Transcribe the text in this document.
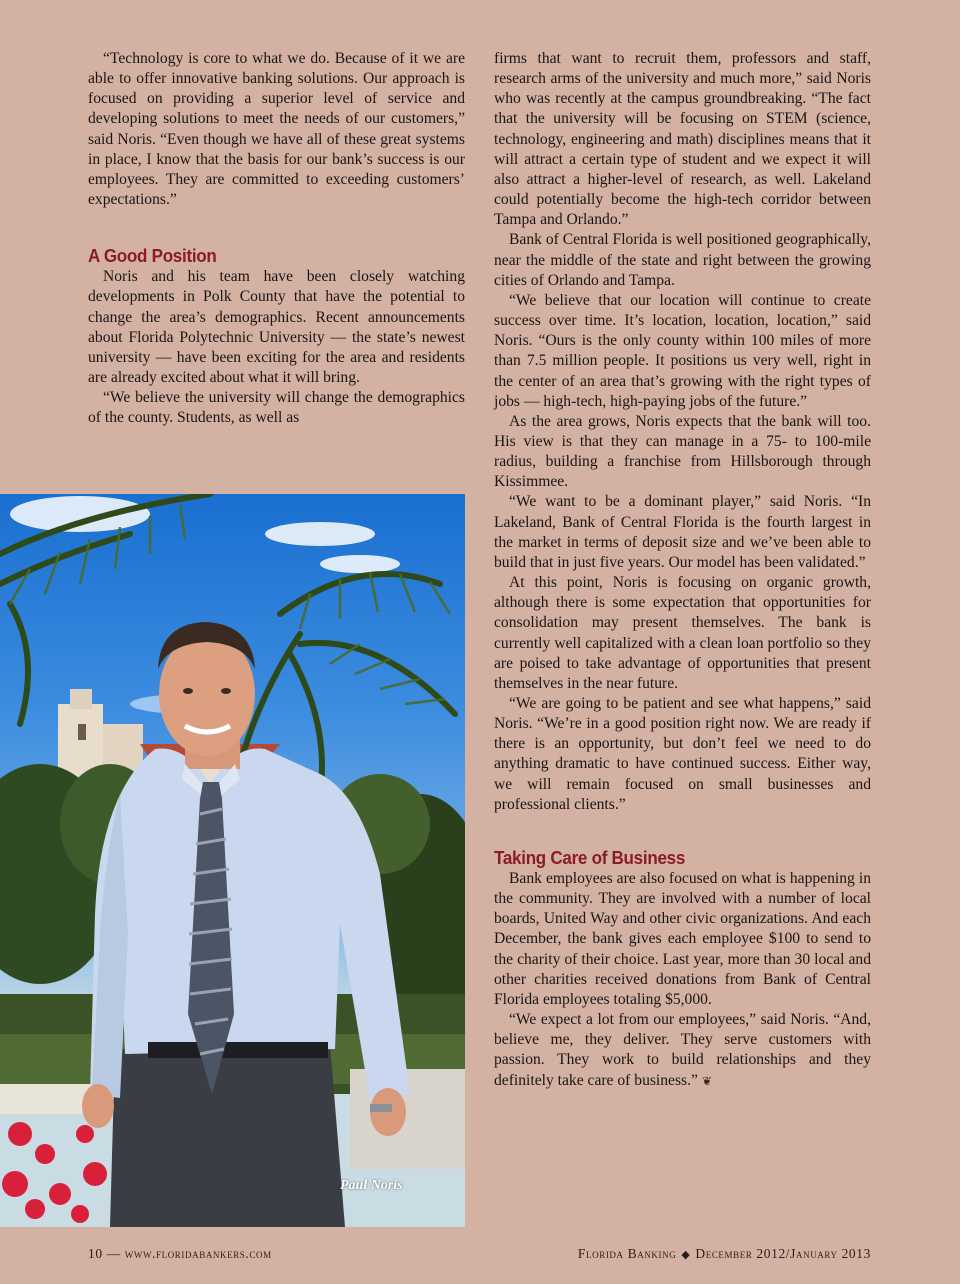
“Technology is core to what we do. Because of it we are able to offer innovative banking solutions. Our approach is focused on providing a superior level of service and developing solutions to meet the needs of our customers,” said Noris. “Even though we have all of these great systems in place, I know that the basis for our bank’s success is our employees. They are committed to exceeding customers’ expectations.”

A Good Position

Noris and his team have been closely watching developments in Polk County that have the potential to change the area’s demographics. Recent announcements about Florida Polytechnic University — the state’s newest university — have been exciting for the area and residents are already excited about what it will bring.

“We believe the university will change the demographics of the county. Students, as well as

firms that want to recruit them, professors and staff, research arms of the university and much more,” said Noris who was recently at the campus groundbreaking. “The fact that the university will be focusing on STEM (science, technology, engineering and math) disciplines means that it will attract a certain type of student and we expect it will also attract a higher-level of research, as well. Lakeland could potentially become the high-tech corridor between Tampa and Orlando.”

Bank of Central Florida is well positioned geographically, near the middle of the state and right between the growing cities of Orlando and Tampa.

“We believe that our location will continue to create success over time. It’s location, location, location,” said Noris. “Ours is the only county within 100 miles of more than 7.5 million people. It positions us very well, right in the center of an area that’s growing with the right types of jobs — high-tech, high-paying jobs of the future.”

As the area grows, Noris expects that the bank will too. His view is that they can manage in a 75- to 100-mile radius, building a franchise from Hillsborough through Kissimmee.

“We want to be a dominant player,” said Noris. “In Lakeland, Bank of Central Florida is the fourth largest in the market in terms of deposit size and we’ve been able to build that in just five years. Our model has been validated.”

At this point, Noris is focusing on organic growth, although there is some expectation that opportunities for consolidation may present themselves. The bank is currently well capitalized with a clean loan portfolio so they are poised to take advantage of opportunities that present themselves in the near future.

“We are going to be patient and see what happens,” said Noris. “We’re in a good position right now. We are ready if there is an opportunity, but don’t feel we need to do anything dramatic to have continued success. Either way, we will remain focused on small businesses and professional clients.”

Taking Care of Business

Bank employees are also focused on what is happening in the community. They are involved with a number of local boards, United Way and other civic organizations. And each December, the bank gives each employee $100 to send to the charity of their choice. Last year, more than 30 local and other charities received donations from Bank of Central Florida employees totaling $5,000.

“We expect a lot from our employees,” said Noris. “And, believe me, they deliver. They serve customers with passion. They work to build relationships and they definitely take care of business.” ❦

Paul Noris
10 — www.floridabankers.com	Florida Banking ◆ December 2012/January 2013
